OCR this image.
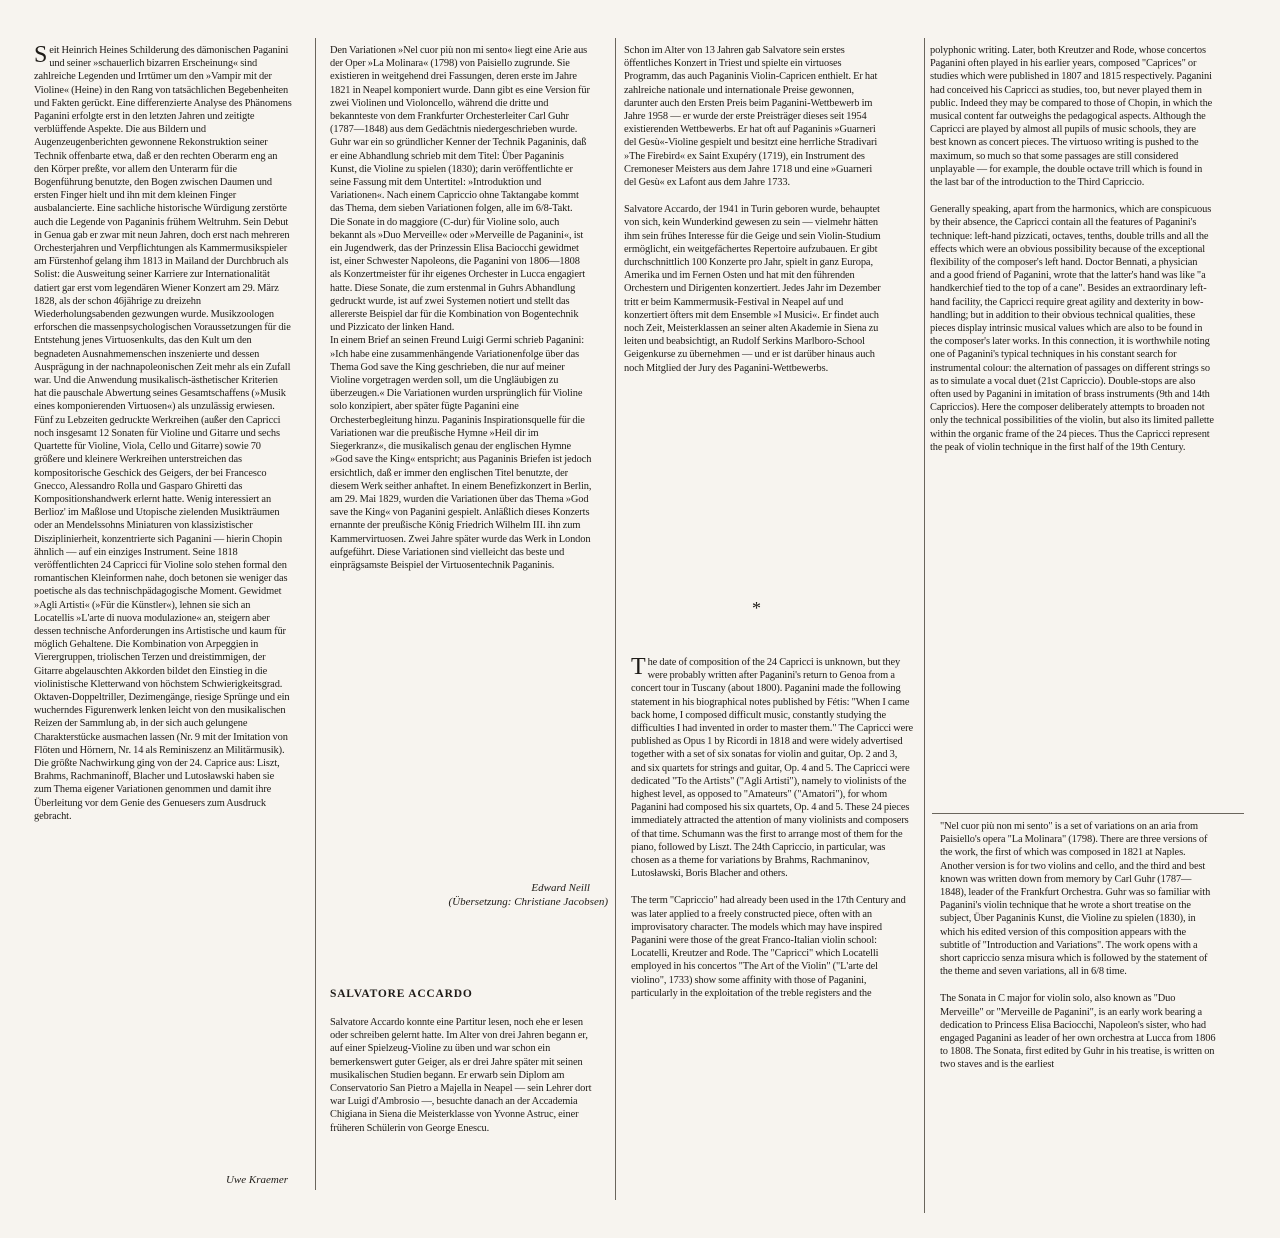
Seit Heinrich Heines Schilderung des dämonischen Paganini und seiner »schauerlich bizarren Erscheinung« sind zahlreiche Legenden und Irrtümer um den »Vampir mit der Violine« (Heine) in den Rang von tatsächlichen Begebenheiten und Fakten gerückt. Eine differenzierte Analyse des Phänomens Paganini erfolgte erst in den letzten Jahren und zeitigte verblüffende Aspekte. Die aus Bildern und Augenzeugenberichten gewonnene Rekonstruktion seiner Technik offenbarte etwa, daß er den rechten Oberarm eng an den Körper preßte, vor allem den Unterarm für die Bogenführung benutzte, den Bogen zwischen Daumen und ersten Finger hielt und ihn mit dem kleinen Finger ausbalancierte. Eine sachliche historische Würdigung zerstörte auch die Legende von Paganinis frühem Weltruhm. Sein Debut in Genua gab er zwar mit neun Jahren, doch erst nach mehreren Orchesterjahren und Verpflichtungen als Kammermusikspieler am Fürstenhof gelang ihm 1813 in Mailand der Durchbruch als Solist: die Ausweitung seiner Karriere zur Internationalität datiert gar erst vom legendären Wiener Konzert am 29. März 1828, als der schon 46jährige zu dreizehn Wiederholungsabenden gezwungen wurde. Musikzoologen erforschen die massenpsychologischen Voraussetzungen für die Entstehung jenes Virtuosenkults, das den Kult um den begnadeten Ausnahmemenschen inszenierte und dessen Ausprägung in der nachnapoleonischen Zeit mehr als ein Zufall war. Und die Anwendung musikalisch-ästhetischer Kriterien hat die pauschale Abwertung seines Gesamtschaffens (»Musik eines komponierenden Virtuosen«) als unzulässig erwiesen. Fünf zu Lebzeiten gedruckte Werkreihen (außer den Capricci noch insgesamt 12 Sonaten für Violine und Gitarre und sechs Quartette für Violine, Viola, Cello und Gitarre) sowie 70 größere und kleinere Werkreihen unterstreichen das kompositorische Geschick des Geigers, der bei Francesco Gnecco, Alessandro Rolla und Gasparo Ghiretti das Kompositionshandwerk erlernt hatte. Wenig interessiert an Berlioz' im Maßlose und Utopische zielenden Musikträumen oder an Mendelssohns Miniaturen von klassizistischer Disziplinierheit, konzentrierte sich Paganini — hierin Chopin ähnlich — auf ein einziges Instrument. Seine 1818 veröffentlichten 24 Capricci für Violine solo stehen formal den romantischen Kleinformen nahe, doch betonen sie weniger das poetische als das technischpädagogische Moment. Gewidmet »Agli Artisti« (»Für die Künstler«), lehnen sie sich an Locatellis »L'arte di nuova modulazione« an, steigern aber dessen technische Anforderungen ins Artistische und kaum für möglich Gehaltene. Die Kombination von Arpeggien in Vierergruppen, triolischen Terzen und dreistimmigen, der Gitarre abgelauschten Akkorden bildet den Einstieg in die violinistische Kletterwand von höchstem Schwierigkeitsgrad. Oktaven-Doppeltriller, Dezimengänge, riesige Sprünge und ein wucherndes Figurenwerk lenken leicht von den musikalischen Reizen der Sammlung ab, in der sich auch gelungene Charakterstücke ausmachen lassen (Nr. 9 mit der Imitation von Flöten und Hörnern, Nr. 14 als Reminiszenz an Militärmusik). Die größte Nachwirkung ging von der 24. Caprice aus: Liszt, Brahms, Rachmaninoff, Blacher und Lutosławski haben sie zum Thema eigener Variationen genommen und damit ihre Überleitung vor dem Genie des Genuesers zum Ausdruck gebracht.

Uwe Kraemer

Den Variationen »Nel cuor più non mi sento« liegt eine Arie aus der Oper »La Molinara« (1798) von Paisiello zugrunde. Sie existieren in weitgehend drei Fassungen, deren erste im Jahre 1821 in Neapel komponiert wurde. Dann gibt es eine Version für zwei Violinen und Violoncello, während die dritte und bekannteste von dem Frankfurter Orchesterleiter Carl Guhr (1787—1848) aus dem Gedächtnis niedergeschrieben wurde. Guhr war ein so gründlicher Kenner der Technik Paganinis, daß er eine Abhandlung schrieb mit dem Titel: Über Paganinis Kunst, die Violine zu spielen (1830); darin veröffentlichte er seine Fassung mit dem Untertitel: »Introduktion und Variationen«. Nach einem Capriccio ohne Taktangabe kommt das Thema, dem sieben Variationen folgen, alle im 6/8-Takt.

Die Sonate in do maggiore (C-dur) für Violine solo, auch bekannt als »Duo Merveille« oder »Merveille de Paganini«, ist ein Jugendwerk, das der Prinzessin Elisa Baciocchi gewidmet ist, einer Schwester Napoleons, die Paganini von 1806—1808 als Konzertmeister für ihr eigenes Orchester in Lucca engagiert hatte. Diese Sonate, die zum erstenmal in Guhrs Abhandlung gedruckt wurde, ist auf zwei Systemen notiert und stellt das allererste Beispiel dar für die Kombination von Bogentechnik und Pizzicato der linken Hand.

In einem Brief an seinen Freund Luigi Germi schrieb Paganini: »Ich habe eine zusammenhängende Variationenfolge über das Thema God save the King geschrieben, die nur auf meiner Violine vorgetragen werden soll, um die Ungläubigen zu überzeugen.« Die Variationen wurden ursprünglich für Violine solo konzipiert, aber später fügte Paganini eine Orchesterbegleitung hinzu. Paganinis Inspirationsquelle für die Variationen war die preußische Hymne »Heil dir im Siegerkranz«, die musikalisch genau der englischen Hymne »God save the King« entspricht; aus Paganinis Briefen ist jedoch ersichtlich, daß er immer den englischen Titel benutzte, der diesem Werk seither anhaftet. In einem Benefizkonzert in Berlin, am 29. Mai 1829, wurden die Variationen über das Thema »God save the King« von Paganini gespielt. Anläßlich dieses Konzerts ernannte der preußische König Friedrich Wilhelm III. ihn zum Kammervirtuosen. Zwei Jahre später wurde das Werk in London aufgeführt. Diese Variationen sind vielleicht das beste und einprägsamste Beispiel der Virtuosentechnik Paganinis.

Edward Neill
(Übersetzung: Christiane Jacobsen)
SALVATORE ACCARDO

Salvatore Accardo konnte eine Partitur lesen, noch ehe er lesen oder schreiben gelernt hatte. Im Alter von drei Jahren begann er, auf einer Spielzeug-Violine zu üben und war schon ein bemerkenswert guter Geiger, als er drei Jahre später mit seinen musikalischen Studien begann. Er erwarb sein Diplom am Conservatorio San Pietro a Majella in Neapel — sein Lehrer dort war Luigi d'Ambrosio —, besuchte danach an der Accademia Chigiana in Siena die Meisterklasse von Yvonne Astruc, einer früheren Schülerin von George Enescu.

Schon im Alter von 13 Jahren gab Salvatore sein erstes öffentliches Konzert in Triest und spielte ein virtuoses Programm, das auch Paganinis Violin-Capricen enthielt. Er hat zahlreiche nationale und internationale Preise gewonnen, darunter auch den Ersten Preis beim Paganini-Wettbewerb im Jahre 1958 — er wurde der erste Preisträger dieses seit 1954 existierenden Wettbewerbs. Er hat oft auf Paganinis »Guarneri del Gesù«-Violine gespielt und besitzt eine herrliche Stradivari »The Firebird« ex Saint Exupéry (1719), ein Instrument des Cremoneser Meisters aus dem Jahre 1718 und eine »Guarneri del Gesù« ex Lafont aus dem Jahre 1733.

Salvatore Accardo, der 1941 in Turin geboren wurde, behauptet von sich, kein Wunderkind gewesen zu sein — vielmehr hätten ihm sein frühes Interesse für die Geige und sein Violin-Studium ermöglicht, ein weitgefächertes Repertoire aufzubauen. Er gibt durchschnittlich 100 Konzerte pro Jahr, spielt in ganz Europa, Amerika und im Fernen Osten und hat mit den führenden Orchestern und Dirigenten konzertiert. Jedes Jahr im Dezember tritt er beim Kammermusik-Festival in Neapel auf und konzertiert öfters mit dem Ensemble »I Musici«. Er findet auch noch Zeit, Meisterklassen an seiner alten Akademie in Siena zu leiten und beabsichtigt, an Rudolf Serkins Marlboro-School Geigenkurse zu übernehmen — und er ist darüber hinaus auch noch Mitglied der Jury des Paganini-Wettbewerbs.

*

The date of composition of the 24 Capricci is unknown, but they were probably written after Paganini's return to Genoa from a concert tour in Tuscany (about 1800). Paganini made the following statement in his biographical notes published by Fétis: "When I came back home, I composed difficult music, constantly studying the difficulties I had invented in order to master them." The Capricci were published as Opus 1 by Ricordi in 1818 and were widely advertised together with a set of six sonatas for violin and guitar, Op. 2 and 3, and six quartets for strings and guitar, Op. 4 and 5. The Capricci were dedicated "To the Artists" ("Agli Artisti"), namely to violinists of the highest level, as opposed to "Amateurs" ("Amatori"), for whom Paganini had composed his six quartets, Op. 4 and 5. These 24 pieces immediately attracted the attention of many violinists and composers of that time. Schumann was the first to arrange most of them for the piano, followed by Liszt. The 24th Capriccio, in particular, was chosen as a theme for variations by Brahms, Rachmaninov, Lutosławski, Boris Blacher and others.

The term "Capriccio" had already been used in the 17th Century and was later applied to a freely constructed piece, often with an improvisatory character. The models which may have inspired Paganini were those of the great Franco-Italian violin school: Locatelli, Kreutzer and Rode. The "Capricci" which Locatelli employed in his concertos "The Art of the Violin" ("L'arte del violino", 1733) show some affinity with those of Paganini, particularly in the exploitation of the treble registers and the

polyphonic writing. Later, both Kreutzer and Rode, whose concertos Paganini often played in his earlier years, composed "Caprices" or studies which were published in 1807 and 1815 respectively. Paganini had conceived his Capricci as studies, too, but never played them in public. Indeed they may be compared to those of Chopin, in which the musical content far outweighs the pedagogical aspects. Although the Capricci are played by almost all pupils of music schools, they are best known as concert pieces. The virtuoso writing is pushed to the maximum, so much so that some passages are still considered unplayable — for example, the double octave trill which is found in the last bar of the introduction to the Third Capriccio.

Generally speaking, apart from the harmonics, which are conspicuous by their absence, the Capricci contain all the features of Paganini's technique: left-hand pizzicati, octaves, tenths, double trills and all the effects which were an obvious possibility because of the exceptional flexibility of the composer's left hand. Doctor Bennati, a physician and a good friend of Paganini, wrote that the latter's hand was like "a handkerchief tied to the top of a cane". Besides an extraordinary left-hand facility, the Capricci require great agility and dexterity in bow-handling; but in addition to their obvious technical qualities, these pieces display intrinsic musical values which are also to be found in the composer's later works. In this connection, it is worthwhile noting one of Paganini's typical techniques in his constant search for instrumental colour: the alternation of passages on different strings so as to simulate a vocal duet (21st Capriccio). Double-stops are also often used by Paganini in imitation of brass instruments (9th and 14th Capriccios). Here the composer deliberately attempts to broaden not only the technical possibilities of the violin, but also its limited pallette within the organic frame of the 24 pieces. Thus the Capricci represent the peak of violin technique in the first half of the 19th Century.

"Nel cuor più non mi sento" is a set of variations on an aria from Paisiello's opera "La Molinara" (1798). There are three versions of the work, the first of which was composed in 1821 at Naples. Another version is for two violins and cello, and the third and best known was written down from memory by Carl Guhr (1787—1848), leader of the Frankfurt Orchestra. Guhr was so familiar with Paganini's violin technique that he wrote a short treatise on the subject, Über Paganinis Kunst, die Violine zu spielen (1830), in which his edited version of this composition appears with the subtitle of "Introduction and Variations". The work opens with a short capriccio senza misura which is followed by the statement of the theme and seven variations, all in 6/8 time.

The Sonata in C major for violin solo, also known as "Duo Merveille" or "Merveille de Paganini", is an early work bearing a dedication to Princess Elisa Baciocchi, Napoleon's sister, who had engaged Paganini as leader of her own orchestra at Lucca from 1806 to 1808. The Sonata, first edited by Guhr in his treatise, is written on two staves and is the earliest
